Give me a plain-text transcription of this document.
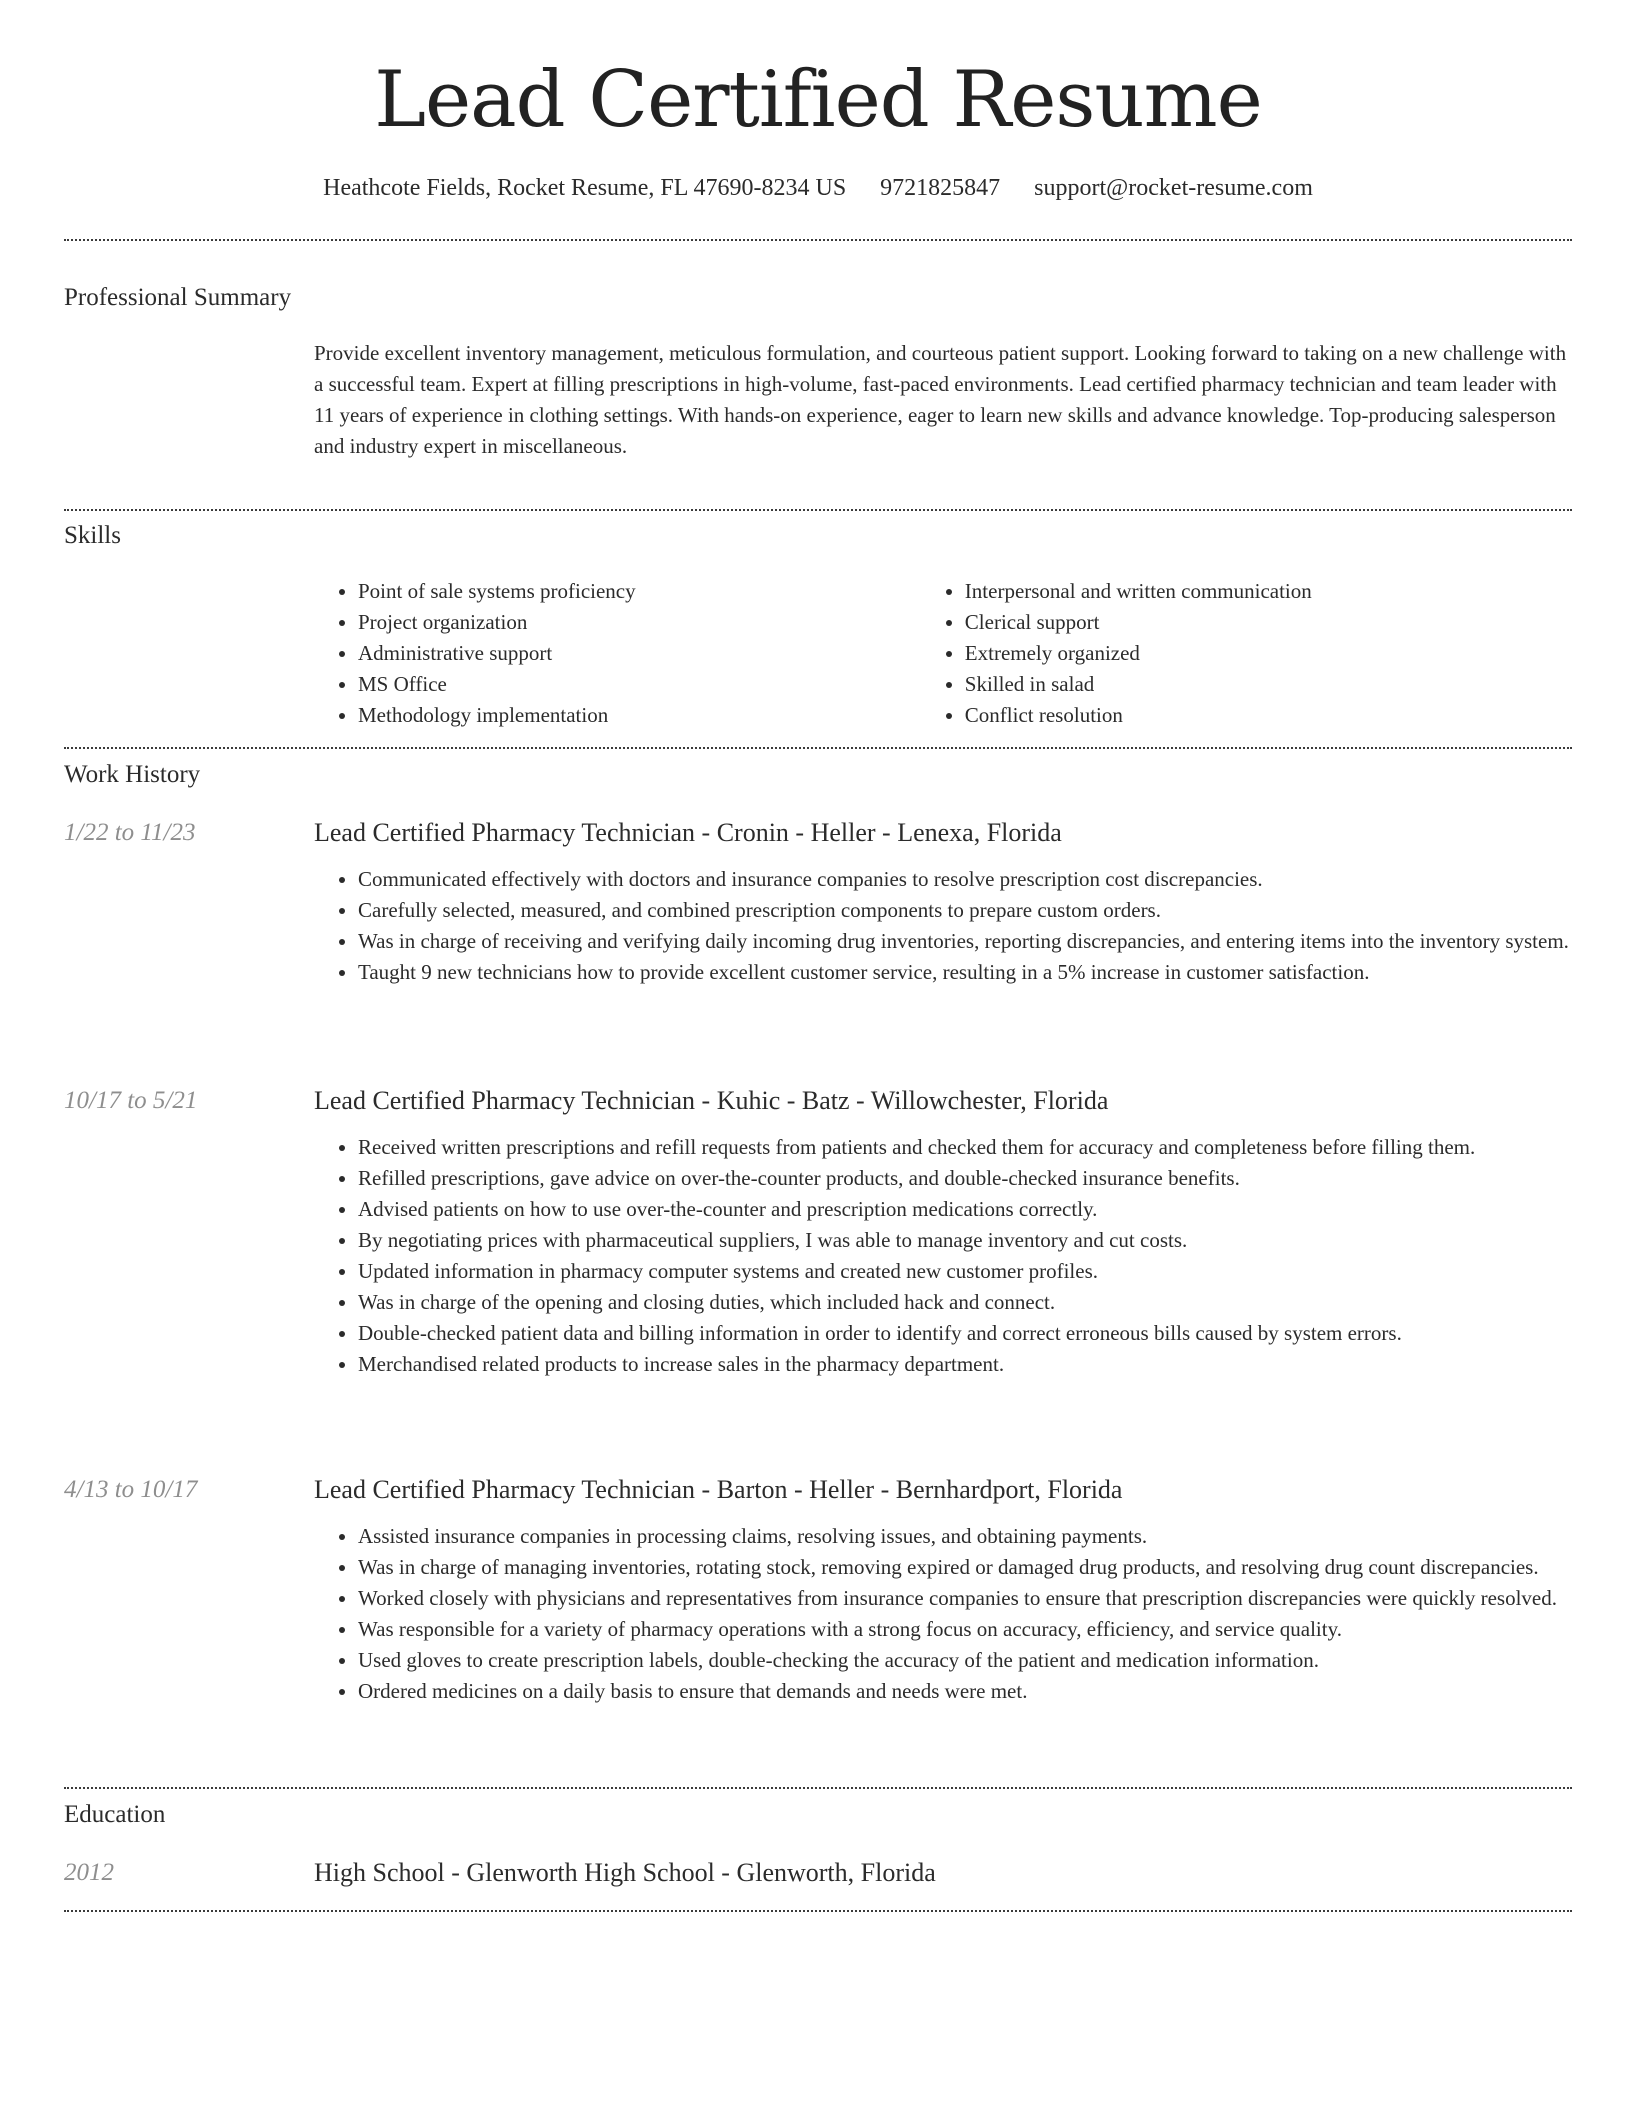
Lead Certified Resume
Heathcote Fields, Rocket Resume, FL 47690-8234 US 9721825847 support@rocket-resume.com
Professional Summary
Provide excellent inventory management, meticulous formulation, and courteous patient support. Looking forward to taking on a new challenge with a successful team. Expert at filling prescriptions in high-volume, fast-paced environments. Lead certified pharmacy technician and team leader with 11 years of experience in clothing settings. With hands-on experience, eager to learn new skills and advance knowledge. Top-producing salesperson and industry expert in miscellaneous.
Skills
• Point of sale systems proficiency
• Project organization
• Administrative support
• MS Office
• Methodology implementation
• Interpersonal and written communication
• Clerical support
• Extremely organized
• Skilled in salad
• Conflict resolution
Work History
1/22 to 11/23	Lead Certified Pharmacy Technician - Cronin - Heller - Lenexa, Florida
• Communicated effectively with doctors and insurance companies to resolve prescription cost discrepancies.
• Carefully selected, measured, and combined prescription components to prepare custom orders.
• Was in charge of receiving and verifying daily incoming drug inventories, reporting discrepancies, and entering items into the inventory system.
• Taught 9 new technicians how to provide excellent customer service, resulting in a 5% increase in customer satisfaction.
10/17 to 5/21	Lead Certified Pharmacy Technician - Kuhic - Batz - Willowchester, Florida
• Received written prescriptions and refill requests from patients and checked them for accuracy and completeness before filling them.
• Refilled prescriptions, gave advice on over-the-counter products, and double-checked insurance benefits.
• Advised patients on how to use over-the-counter and prescription medications correctly.
• By negotiating prices with pharmaceutical suppliers, I was able to manage inventory and cut costs.
• Updated information in pharmacy computer systems and created new customer profiles.
• Was in charge of the opening and closing duties, which included hack and connect.
• Double-checked patient data and billing information in order to identify and correct erroneous bills caused by system errors.
• Merchandised related products to increase sales in the pharmacy department.
4/13 to 10/17	Lead Certified Pharmacy Technician - Barton - Heller - Bernhardport, Florida
• Assisted insurance companies in processing claims, resolving issues, and obtaining payments.
• Was in charge of managing inventories, rotating stock, removing expired or damaged drug products, and resolving drug count discrepancies.
• Worked closely with physicians and representatives from insurance companies to ensure that prescription discrepancies were quickly resolved.
• Was responsible for a variety of pharmacy operations with a strong focus on accuracy, efficiency, and service quality.
• Used gloves to create prescription labels, double-checking the accuracy of the patient and medication information.
• Ordered medicines on a daily basis to ensure that demands and needs were met.
Education
2012	High School - Glenworth High School - Glenworth, Florida
